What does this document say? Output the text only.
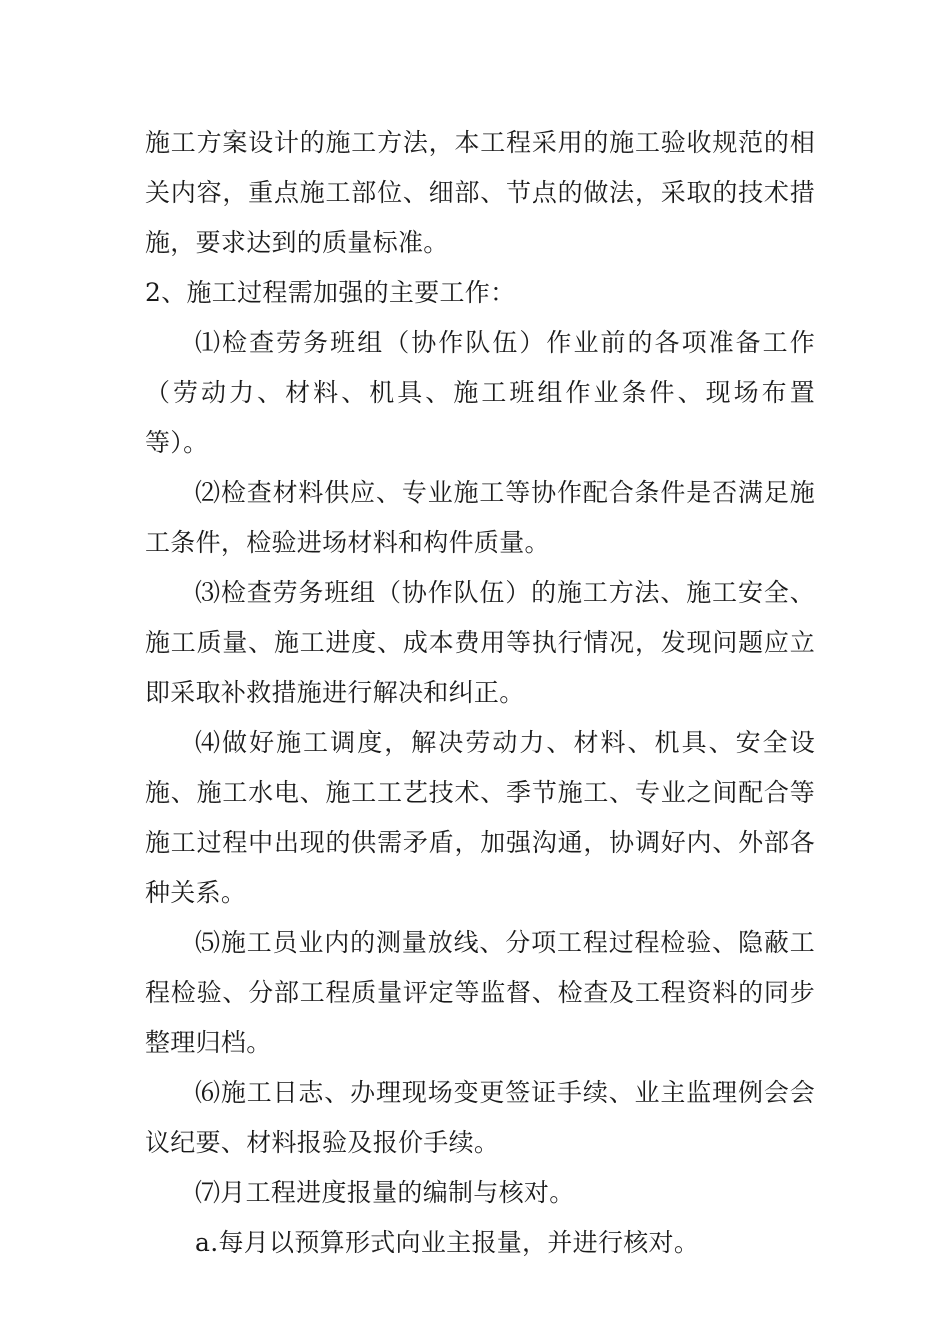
施工方案设计的施工方法，本工程采用的施工验收规范的相关内容，重点施工部位、细部、节点的做法，采取的技术措施，要求达到的质量标准。

2、施工过程需加强的主要工作：

⑴检查劳务班组（协作队伍）作业前的各项准备工作（劳动力、材料、机具、施工班组作业条件、现场布置等）。

⑵检查材料供应、专业施工等协作配合条件是否满足施工条件，检验进场材料和构件质量。

⑶检查劳务班组（协作队伍）的施工方法、施工安全、施工质量、施工进度、成本费用等执行情况，发现问题应立即采取补救措施进行解决和纠正。

⑷做好施工调度，解决劳动力、材料、机具、安全设施、施工水电、施工工艺技术、季节施工、专业之间配合等施工过程中出现的供需矛盾，加强沟通，协调好内、外部各种关系。

⑸施工员业内的测量放线、分项工程过程检验、隐蔽工程检验、分部工程质量评定等监督、检查及工程资料的同步整理归档。

⑹施工日志、办理现场变更签证手续、业主监理例会会议纪要、材料报验及报价手续。

⑺月工程进度报量的编制与核对。

a.每月以预算形式向业主报量，并进行核对。
